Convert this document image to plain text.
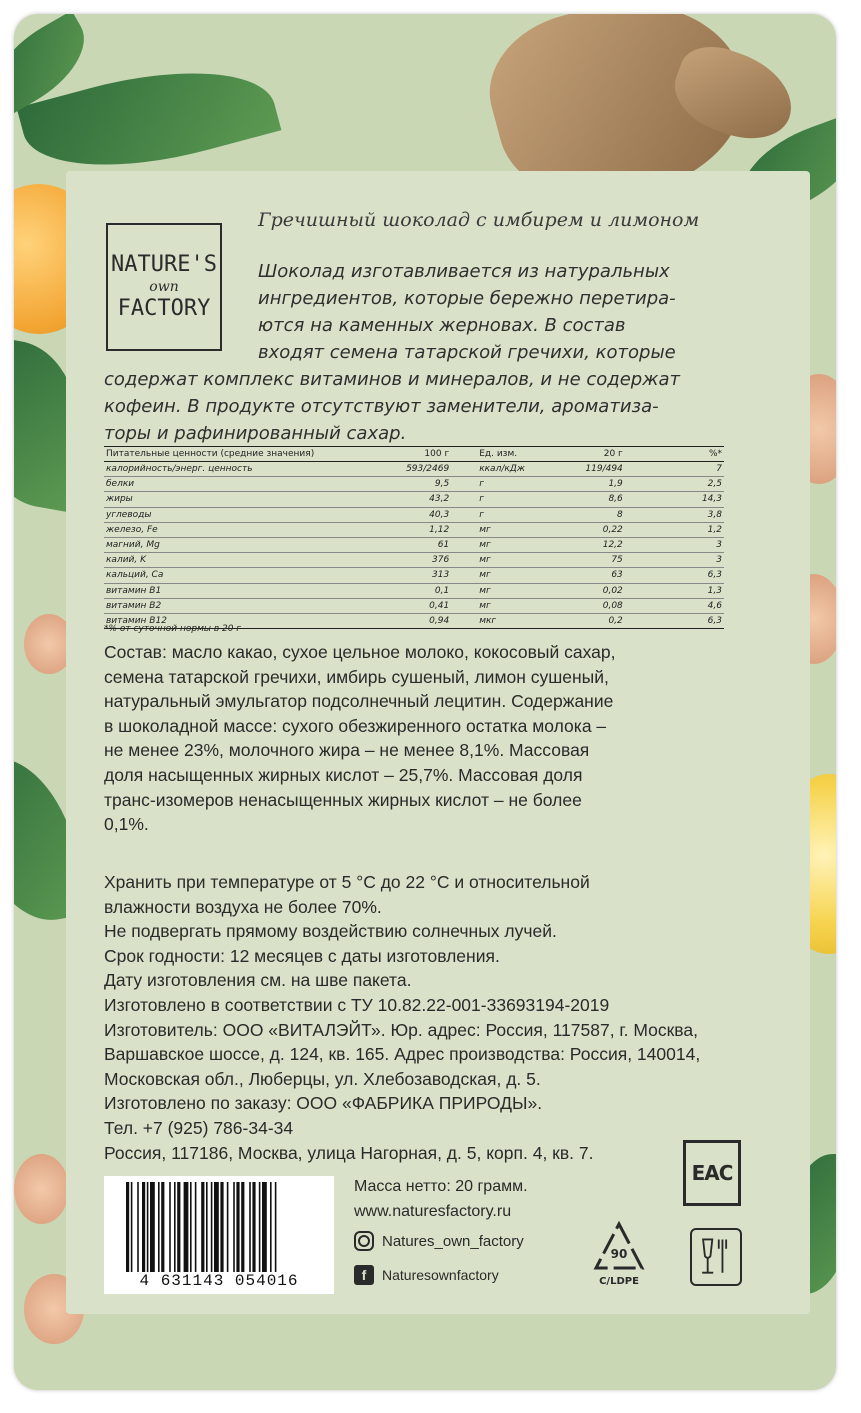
NATURE'S
own
FACTORY
Гречишный шоколад с имбирем и лимоном
Шоколад изготавливается из натуральных
ингредиентов, которые бережно перетира-
ются на каменных жерновах. В состав
входят семена татарской гречихи, которые
содержат комплекс витаминов и минералов, и не содержат
кофеин. В продукте отсутствуют заменители, ароматиза-
торы и рафинированный сахар.
Питательные ценности (средние значения)	100 г	Ед. изм.	20 г	%*
калорийность/энерг. ценность	593/2469	ккал/кДж	119/494	7
белки	9,5	г	1,9	2,5
жиры	43,2	г	8,6	14,3
углеводы	40,3	г	8	3,8
железо, Fe	1,12	мг	0,22	1,2
магний, Mg	61	мг	12,2	3
калий, K	376	мг	75	3
кальций, Ca	313	мг	63	6,3
витамин B1	0,1	мг	0,02	1,3
витамин B2	0,41	мг	0,08	4,6
витамин B12	0,94	мкг	0,2	6,3
*% от суточной нормы в 20 г
Состав: масло какао, сухое цельное молоко, кокосовый сахар,
семена татарской гречихи, имбирь сушеный, лимон сушеный,
натуральный эмульгатор подсолнечный лецитин. Содержание
в шоколадной массе: сухого обезжиренного остатка молока –
не менее 23%, молочного жира – не менее 8,1%. Массовая
доля насыщенных жирных кислот – 25,7%. Массовая доля
транс-изомеров ненасыщенных жирных кислот – не более
0,1%.
Хранить при температуре от 5 °С до 22 °С и относительной
влажности воздуха не более 70%.
Не подвергать прямому воздействию солнечных лучей.
Срок годности: 12 месяцев с даты изготовления.
Дату изготовления см. на шве пакета.
Изготовлено в соответствии с ТУ 10.82.22-001-33693194-2019
Изготовитель: ООО «ВИТАЛЭЙТ». Юр. адрес: Россия, 117587, г. Москва,
Варшавское шоссе, д. 124, кв. 165. Адрес производства: Россия, 140014,
Московская обл., Люберцы, ул. Хлебозаводская, д. 5.
Изготовлено по заказу: ООО «ФАБРИКА ПРИРОДЫ».
Тел. +7 (925) 786-34-34
Россия, 117186, Москва, улица Нагорная, д. 5, корп. 4, кв. 7.
4 631143 054016
Масса нетто: 20 грамм.
www.naturesfactory.ru
Natures_own_factory
f	Naturesownfactory
EAC
90
C/LDPE
